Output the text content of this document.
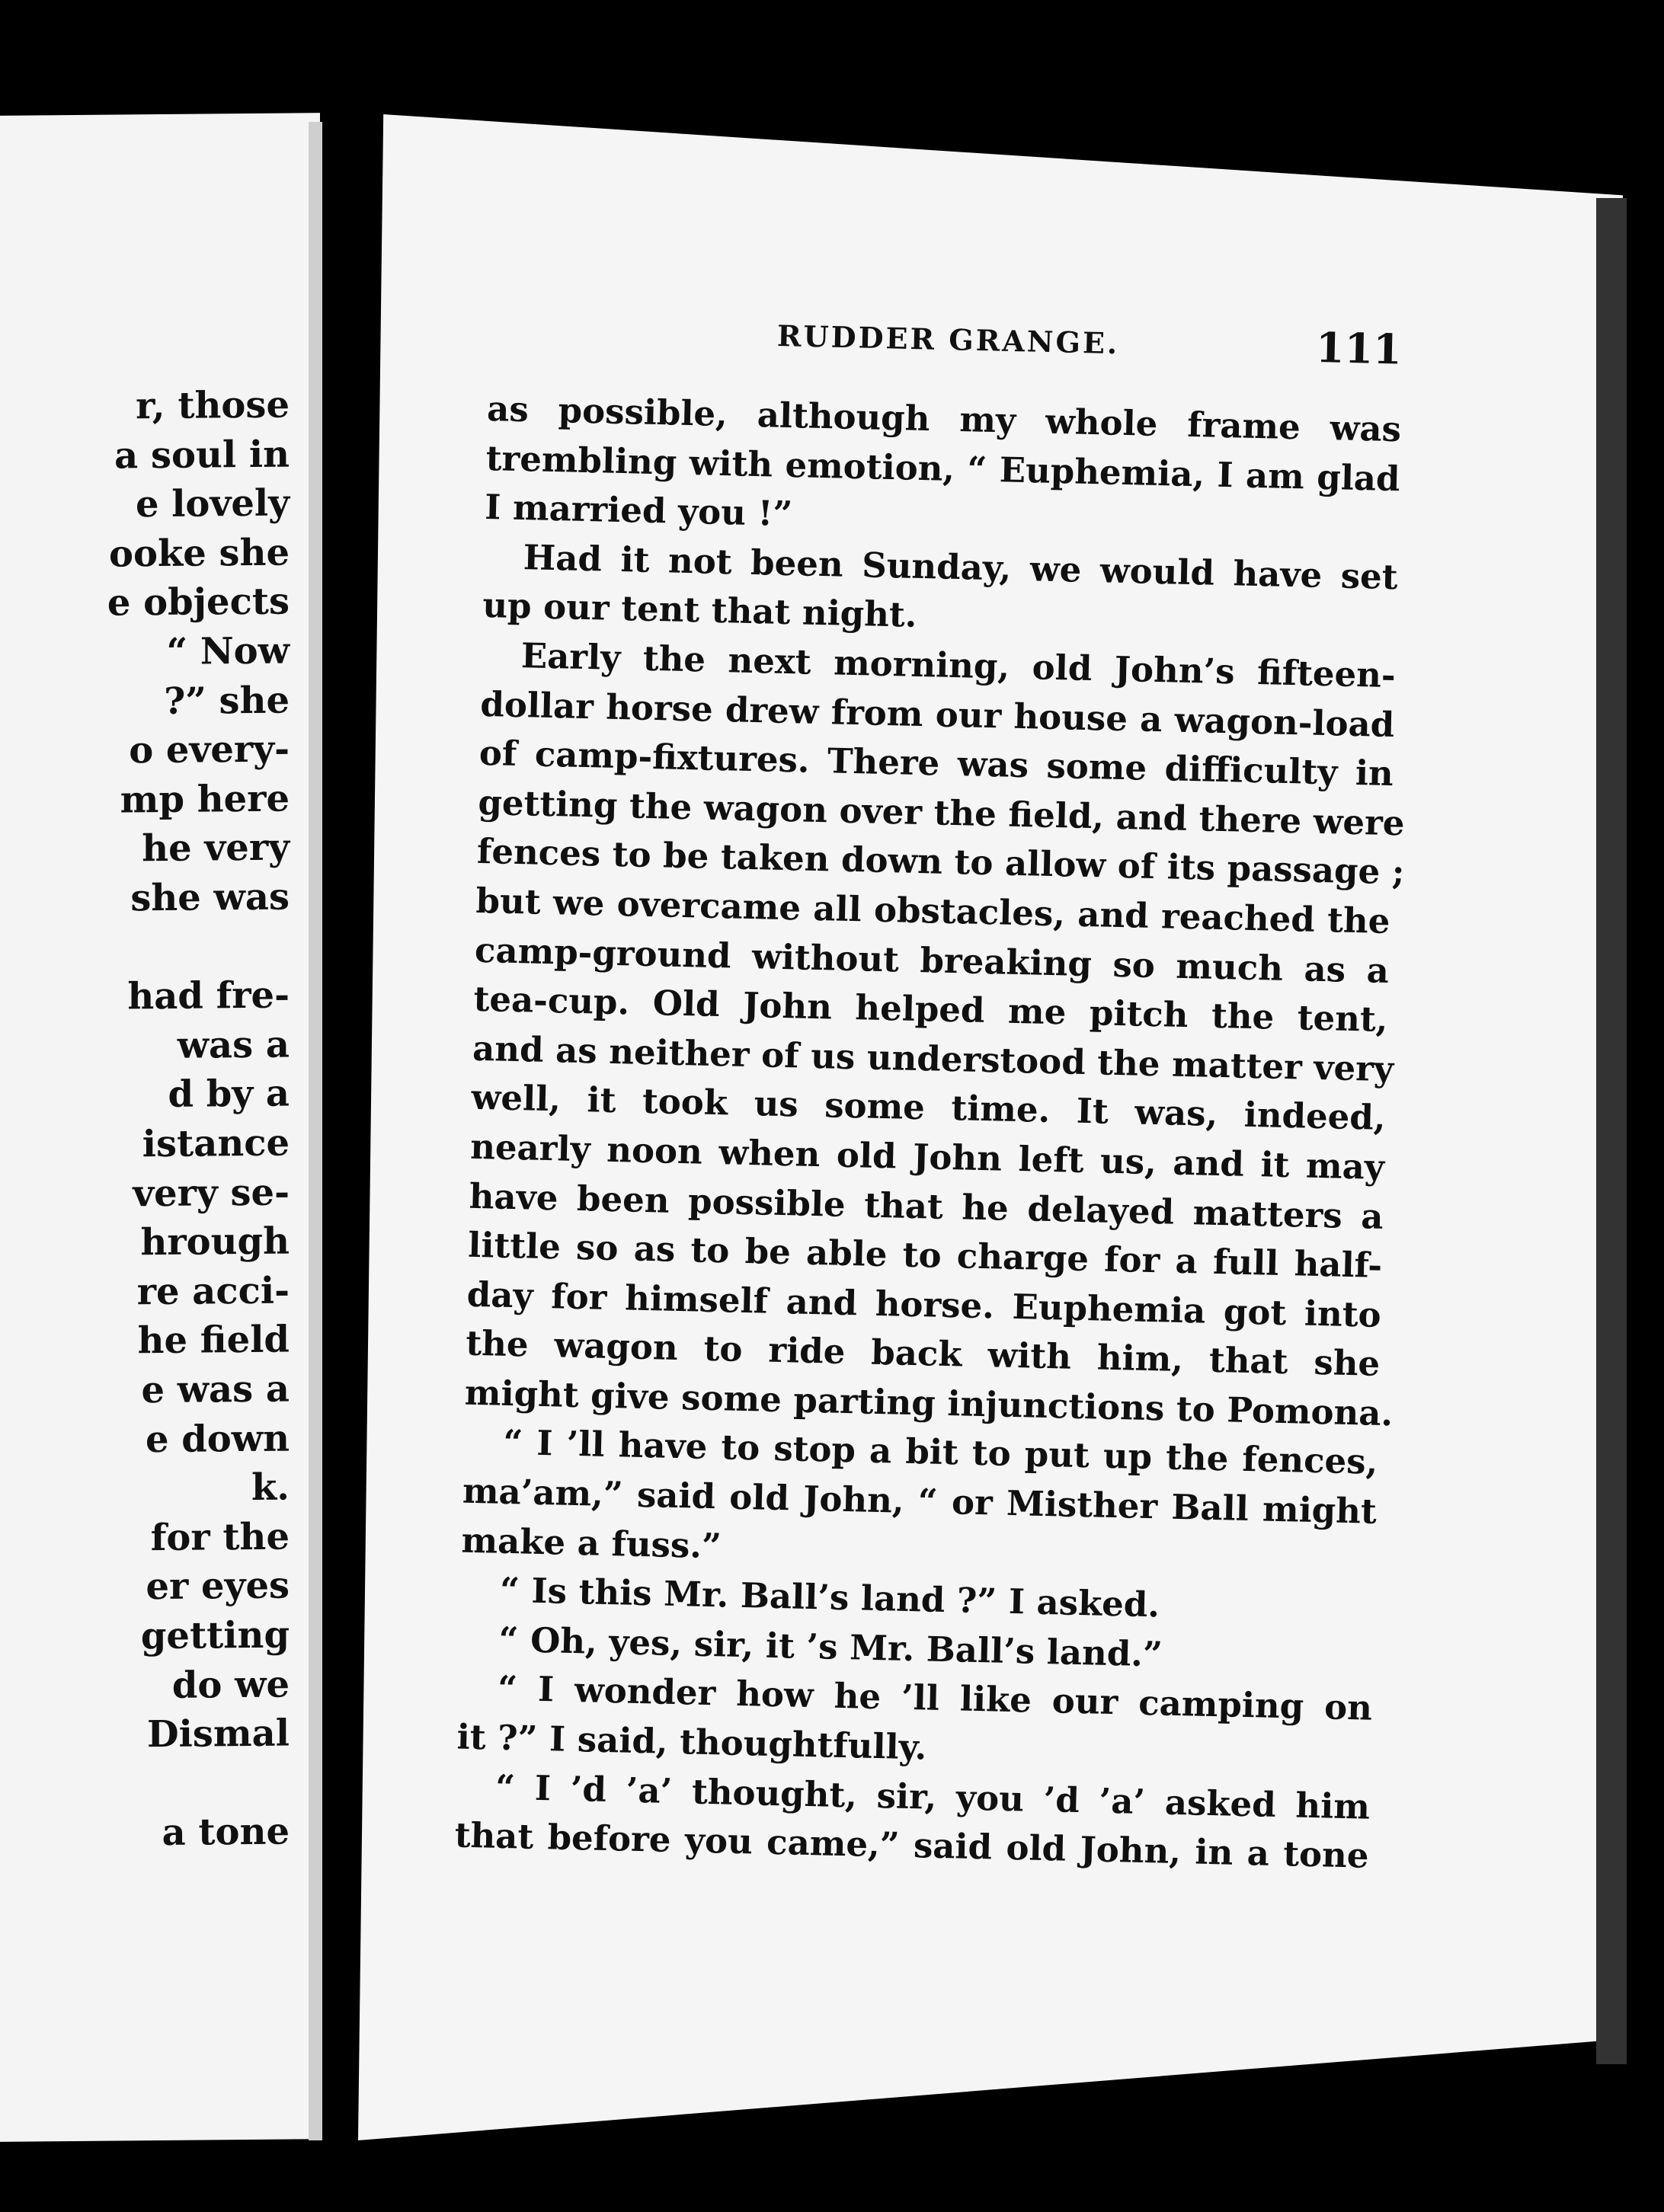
r, those
a soul in
e lovely
ooke she
e objects
“ Now
?” she
o every-
mp here
he very
she was
had fre-
was a
d by a
istance
very se-
hrough
re acci-
he field
e was a
e down
k.
for the
er eyes
getting
do we
Dismal
a tone
RUDDER GRANGE.	111
as possible, although my whole frame was
trembling with emotion, “ Euphemia, I am glad
I married you !”
Had it not been Sunday, we would have set
up our tent that night.
Early the next morning, old John’s fifteen-
dollar horse drew from our house a wagon-load
of camp-fixtures. There was some difficulty in
getting the wagon over the field, and there were
fences to be taken down to allow of its passage ;
but we overcame all obstacles, and reached the
camp-ground without breaking so much as a
tea-cup. Old John helped me pitch the tent,
and as neither of us understood the matter very
well, it took us some time. It was, indeed,
nearly noon when old John left us, and it may
have been possible that he delayed matters a
little so as to be able to charge for a full half-
day for himself and horse. Euphemia got into
the wagon to ride back with him, that she
might give some parting injunctions to Pomona.
“ I ’ll have to stop a bit to put up the fences,
ma’am,” said old John, “ or Misther Ball might
make a fuss.”
“ Is this Mr. Ball’s land ?” I asked.
“ Oh, yes, sir, it ’s Mr. Ball’s land.”
“ I wonder how he ’ll like our camping on
it ?” I said, thoughtfully.
“ I ’d ’a’ thought, sir, you ’d ’a’ asked him
that before you came,” said old John, in a tone
